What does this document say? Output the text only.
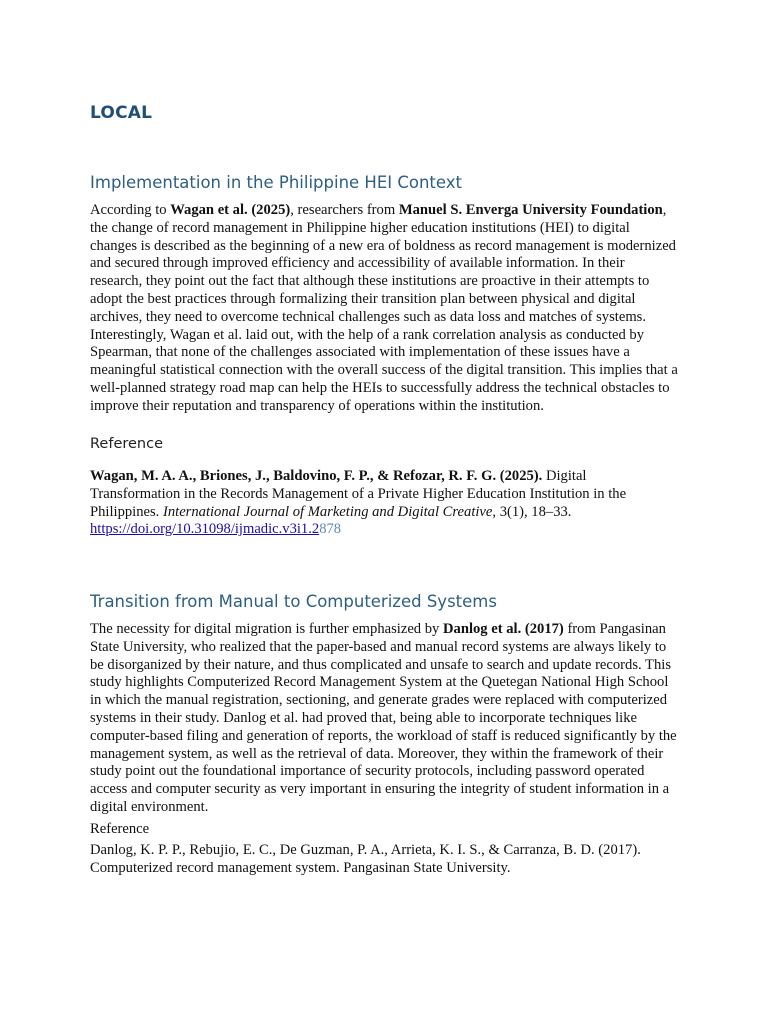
LOCAL
Implementation in the Philippine HEI Context

According to Wagan et al. (2025), researchers from Manuel S. Enverga University Foundation, the change of record management in Philippine higher education institutions (HEI) to digital changes is described as the beginning of a new era of boldness as record management is modernized and secured through improved efficiency and accessibility of available information. In their research, they point out the fact that although these institutions are proactive in their attempts to adopt the best practices through formalizing their transition plan between physical and digital archives, they need to overcome technical challenges such as data loss and matches of systems. Interestingly, Wagan et al. laid out, with the help of a rank correlation analysis as conducted by Spearman, that none of the challenges associated with implementation of these issues have a meaningful statistical connection with the overall success of the digital transition. This implies that a well-planned strategy road map can help the HEIs to successfully address the technical obstacles to improve their reputation and transparency of operations within the institution.

Reference

Wagan, M. A. A., Briones, J., Baldovino, F. P., & Refozar, R. F. G. (2025). Digital Transformation in the Records Management of a Private Higher Education Institution in the Philippines. International Journal of Marketing and Digital Creative, 3(1), 18–33.
https://doi.org/10.31098/ijmadic.v3i1.2878

Transition from Manual to Computerized Systems

The necessity for digital migration is further emphasized by Danlog et al. (2017) from Pangasinan State University, who realized that the paper-based and manual record systems are always likely to be disorganized by their nature, and thus complicated and unsafe to search and update records. This study highlights Computerized Record Management System at the Quetegan National High School in which the manual registration, sectioning, and generate grades were replaced with computerized systems in their study. Danlog et al. had proved that, being able to incorporate techniques like computer-based filing and generation of reports, the workload of staff is reduced significantly by the management system, as well as the retrieval of data. Moreover, they within the framework of their study point out the foundational importance of security protocols, including password operated access and computer security as very important in ensuring the integrity of student information in a digital environment.

Reference

Danlog, K. P. P., Rebujio, E. C., De Guzman, P. A., Arrieta, K. I. S., & Carranza, B. D. (2017). Computerized record management system. Pangasinan State University.
